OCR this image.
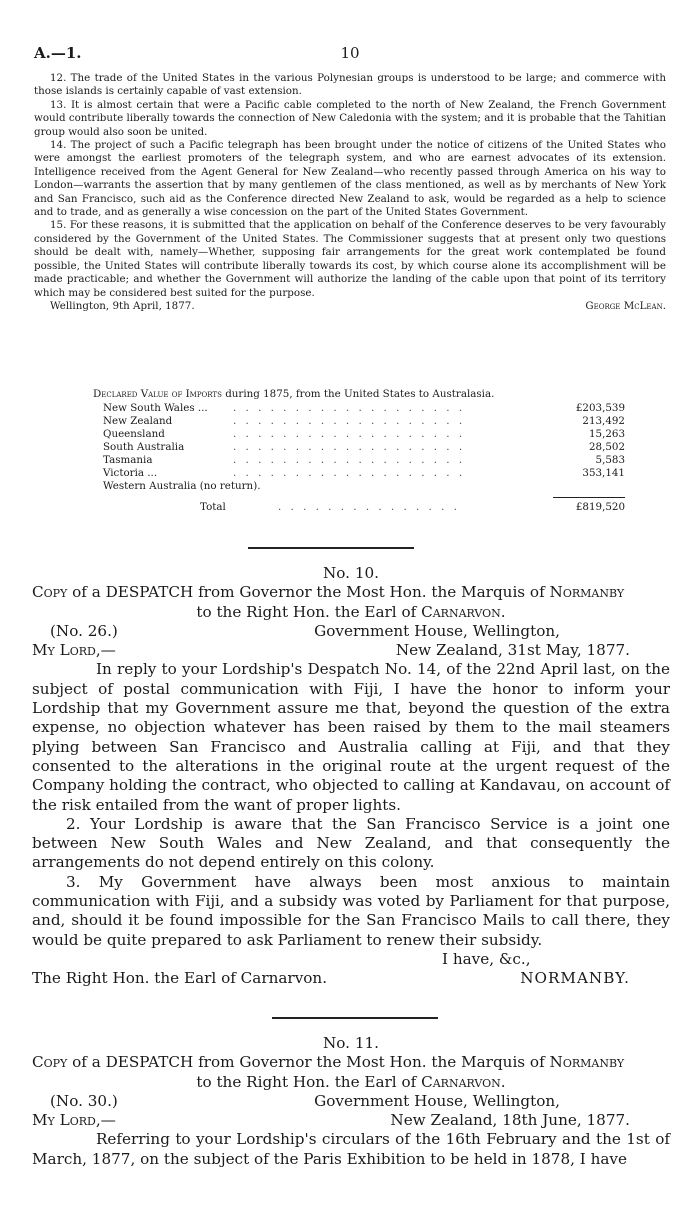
A.—1.	10

12. The trade of the United States in the various Polynesian groups is understood to be large; and commerce with those islands is certainly capable of vast extension.

13. It is almost certain that were a Pacific cable completed to the north of New Zealand, the French Government would contribute liberally towards the connection of New Caledonia with the system; and it is probable that the Tahitian group would also soon be united.

14. The project of such a Pacific telegraph has been brought under the notice of citizens of the United States who were amongst the earliest promoters of the telegraph system, and who are earnest advocates of its extension. Intelligence received from the Agent General for New Zealand—who recently passed through America on his way to London—warrants the assertion that by many gentlemen of the class mentioned, as well as by merchants of New York and San Francisco, such aid as the Conference directed New Zealand to ask, would be regarded as a help to science and to trade, and as generally a wise concession on the part of the United States Government.

15. For these reasons, it is submitted that the application on behalf of the Conference deserves to be very favourably considered by the Government of the United States. The Commissioner suggests that at present only two questions should be dealt with, namely—Whether, supposing fair arrangements for the great work contemplated be found possible, the United States will contribute liberally towards its cost, by which course alone its accomplishment will be made practicable; and whether the Government will authorize the landing of the cable upon that point of its territory which may be considered best suited for the purpose.

Wellington, 9th April, 1877.	George McLean.
Declared Value of Imports during 1875, from the United States to Australasia.
New South Wales ... . . . . . . . . . . . . . . . . . . .	£203,539
New Zealand	. . . . . . . . . . . . . . . . . . .	213,492
Queensland	. . . . . . . . . . . . . . . . . . .	15,263
South Australia	. . . . . . . . . . . . . . . . . . .	28,502
Tasmania	. . . . . . . . . . . . . . . . . . .	5,583
Victoria ...	. . . . . . . . . . . . . . . . . . .	353,141
Western Australia (no return).
Total	. . . . . . . . . . . . . . .	£819,520
No. 10.
Copy of a DESPATCH from Governor the Most Hon. the Marquis of Normanby
to the Right Hon. the Earl of Carnarvon.
(No. 26.)	Government House, Wellington,
My Lord,—	New Zealand, 31st May, 1877.

In reply to your Lordship's Despatch No. 14, of the 22nd April last, on the subject of postal communication with Fiji, I have the honor to inform your Lordship that my Government assure me that, beyond the question of the extra expense, no objection whatever has been raised by them to the mail steamers plying between San Francisco and Australia calling at Fiji, and that they consented to the alterations in the original route at the urgent request of the Company holding the contract, who objected to calling at Kandavau, on account of the risk entailed from the want of proper lights.

2. Your Lordship is aware that the San Francisco Service is a joint one between New South Wales and New Zealand, and that consequently the arrangements do not depend entirely on this colony.

3. My Government have always been most anxious to maintain communication with Fiji, and a subsidy was voted by Parliament for that purpose, and, should it be found impossible for the San Francisco Mails to call there, they would be quite prepared to ask Parliament to renew their subsidy.

I have, &c.,
The Right Hon. the Earl of Carnarvon.	NORMANBY.
No. 11.
Copy of a DESPATCH from Governor the Most Hon. the Marquis of Normanby
to the Right Hon. the Earl of Carnarvon.
(No. 30.)	Government House, Wellington,
My Lord,—	New Zealand, 18th June, 1877.

Referring to your Lordship's circulars of the 16th February and the 1st of March, 1877, on the subject of the Paris Exhibition to be held in 1878, I have
